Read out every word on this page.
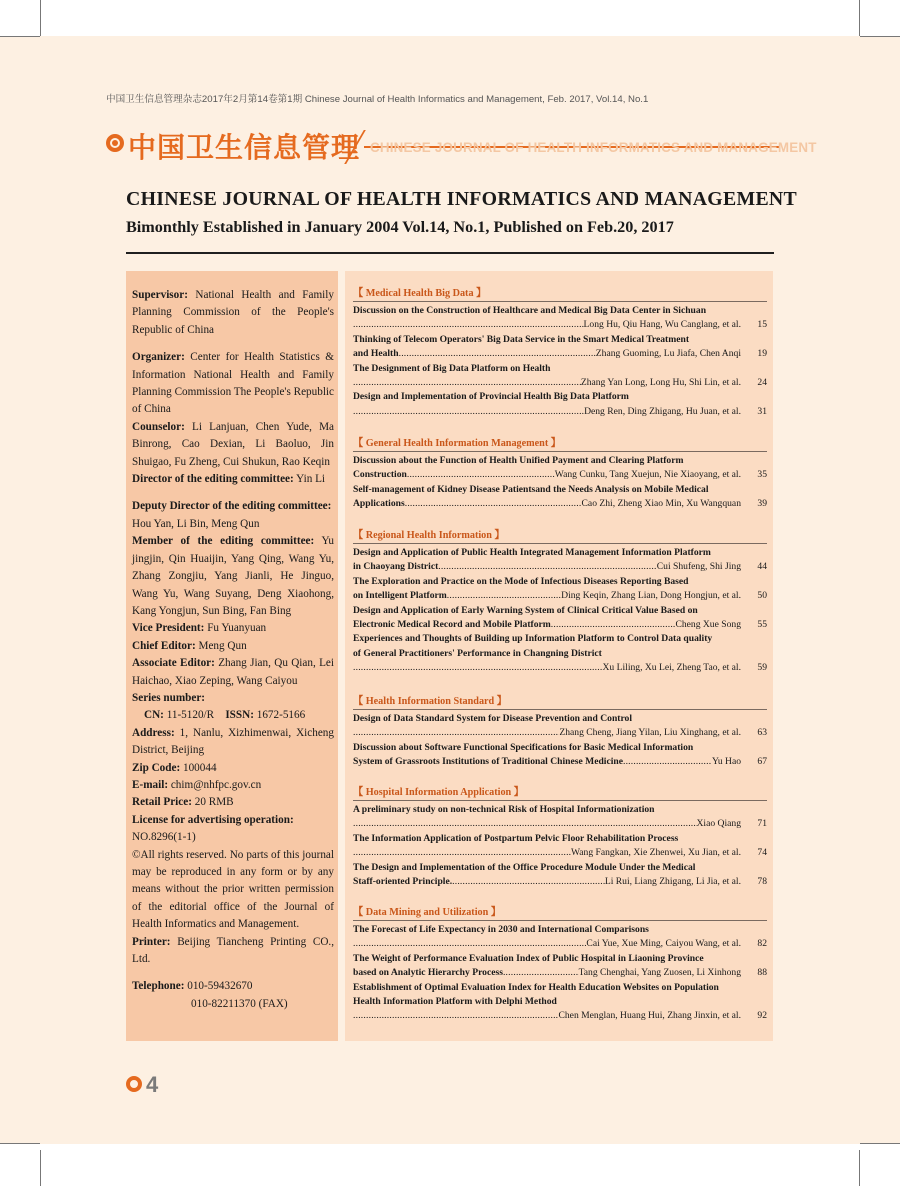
中国卫生信息管理杂志2017年2月第14卷第1期 Chinese Journal of Health Informatics and Management, Feb. 2017, Vol.14, No.1
中国卫生信息管理 CHINESE JOURNAL OF HEALTH INFORMATICS AND MANAGEMENT
CHINESE JOURNAL OF HEALTH INFORMATICS AND MANAGEMENT
Bimonthly Established in January 2004 Vol.14, No.1, Published on Feb.20, 2017

Supervisor: National Health and Family Planning Commission of the People's Republic of China

Organizer: Center for Health Statistics & Information National Health and Family Planning Commission The People's Republic of China

Counselor: Li Lanjuan, Chen Yude, Ma Binrong, Cao Dexian, Li Baoluo, Jin Shuigao, Fu Zheng, Cui Shukun, Rao Keqin

Director of the editing committee: Yin Li

Deputy Director of the editing committee:
Hou Yan, Li Bin, Meng Qun

Member of the editing committee: Yu jingjin, Qin Huaijin, Yang Qing, Wang Yu, Zhang Zongjiu, Yang Jianli, He Jinguo, Wang Yu, Wang Suyang, Deng Xiaohong, Kang Yongjun, Sun Bing, Fan Bing

Vice President: Fu Yuanyuan

Chief Editor: Meng Qun

Associate Editor: Zhang Jian, Qu Qian, Lei Haichao, Xiao Zeping, Wang Caiyou

Series number:

CN: 11-5120/R ISSN: 1672-5166

Address: 1, Nanlu, Xizhimenwai, Xicheng District, Beijing

Zip Code: 100044

E-mail: chim@nhfpc.gov.cn

Retail Price: 20 RMB

License for advertising operation:
NO.8296(1-1)

©All rights reserved. No parts of this journal may be reproduced in any form or by any means without the prior written permission of the editorial office of the Journal of Health Informatics and Management.

Printer: Beijing Tiancheng Printing CO., Ltd.

Telephone: 010-59432670

010-82211370 (FAX)

【 Medical Health Big Data 】
Discussion on the Construction of Healthcare and Medical Big Data Center in Sichuan
.....
Long Hu, Qiu Hang, Wu Canglang, et al.	15
Thinking of Telecom Operators' Big Data Service in the Smart Medical Treatment
and Health .....	Zhang Guoming, Lu Jiafa, Chen Anqi	19
The Designment of Big Data Platform on Health
.....
Zhang Yan Long, Long Hu, Shi Lin, et al.	24
Design and Implementation of Provincial Health Big Data Platform
.....
Deng Ren, Ding Zhigang, Hu Juan, et al.	31
【 General Health Information Management 】
Discussion about the Function of Health Unified Payment and Clearing Platform
Construction .....	Wang Cunku, Tang Xuejun, Nie Xiaoyang, et al.	35
Self-management of Kidney Disease Patientsand the Needs Analysis on Mobile Medical
Applications .....	Cao Zhi, Zheng Xiao Min, Xu Wangquan	39
【 Regional Health Information 】
Design and Application of Public Health Integrated Management Information Platform
in Chaoyang District .....	Cui Shufeng, Shi Jing	44
The Exploration and Practice on the Mode of Infectious Diseases Reporting Based
on Intelligent Platform .....	Ding Keqin, Zhang Lian, Dong Hongjun, et al.	50
Design and Application of Early Warning System of Clinical Critical Value Based on
Electronic Medical Record and Mobile Platform .....	Cheng Xue Song	55
Experiences and Thoughts of Building up Information Platform to Control Data quality
of General Practitioners' Performance in Changning District
.....
Xu Liling, Xu Lei, Zheng Tao, et al.	59
【 Health Information Standard 】
Design of Data Standard System for Disease Prevention and Control
.....
Zhang Cheng, Jiang Yilan, Liu Xinghang, et al.	63
Discussion about Software Functional Specifications for Basic Medical Information
System of Grassroots Institutions of Traditional Chinese Medicine .....	Yu Hao	67
【 Hospital Information Application 】
A preliminary study on non-technical Risk of Hospital Informationization
.....
Xiao Qiang	71
The Information Application of Postpartum Pelvic Floor Rehabilitation Process
.....
Wang Fangkan, Xie Zhenwei, Xu Jian, et al.	74
The Design and Implementation of the Office Procedure Module Under the Medical
Staff-oriented Principle. .....	Li Rui, Liang Zhigang, Li Jia, et al.	78
【 Data Mining and Utilization 】
The Forecast of Life Expectancy in 2030 and International Comparisons
.....
Cai Yue, Xue Ming, Caiyou Wang, et al.	82
The Weight of Performance Evaluation Index of Public Hospital in Liaoning Province
based on Analytic Hierarchy Process .....	Tang Chenghai, Yang Zuosen, Li Xinhong	88
Establishment of Optimal Evaluation Index for Health Education Websites on Population
Health Information Platform with Delphi Method
.....
Chen Menglan, Huang Hui, Zhang Jinxin, et al.	92
4
